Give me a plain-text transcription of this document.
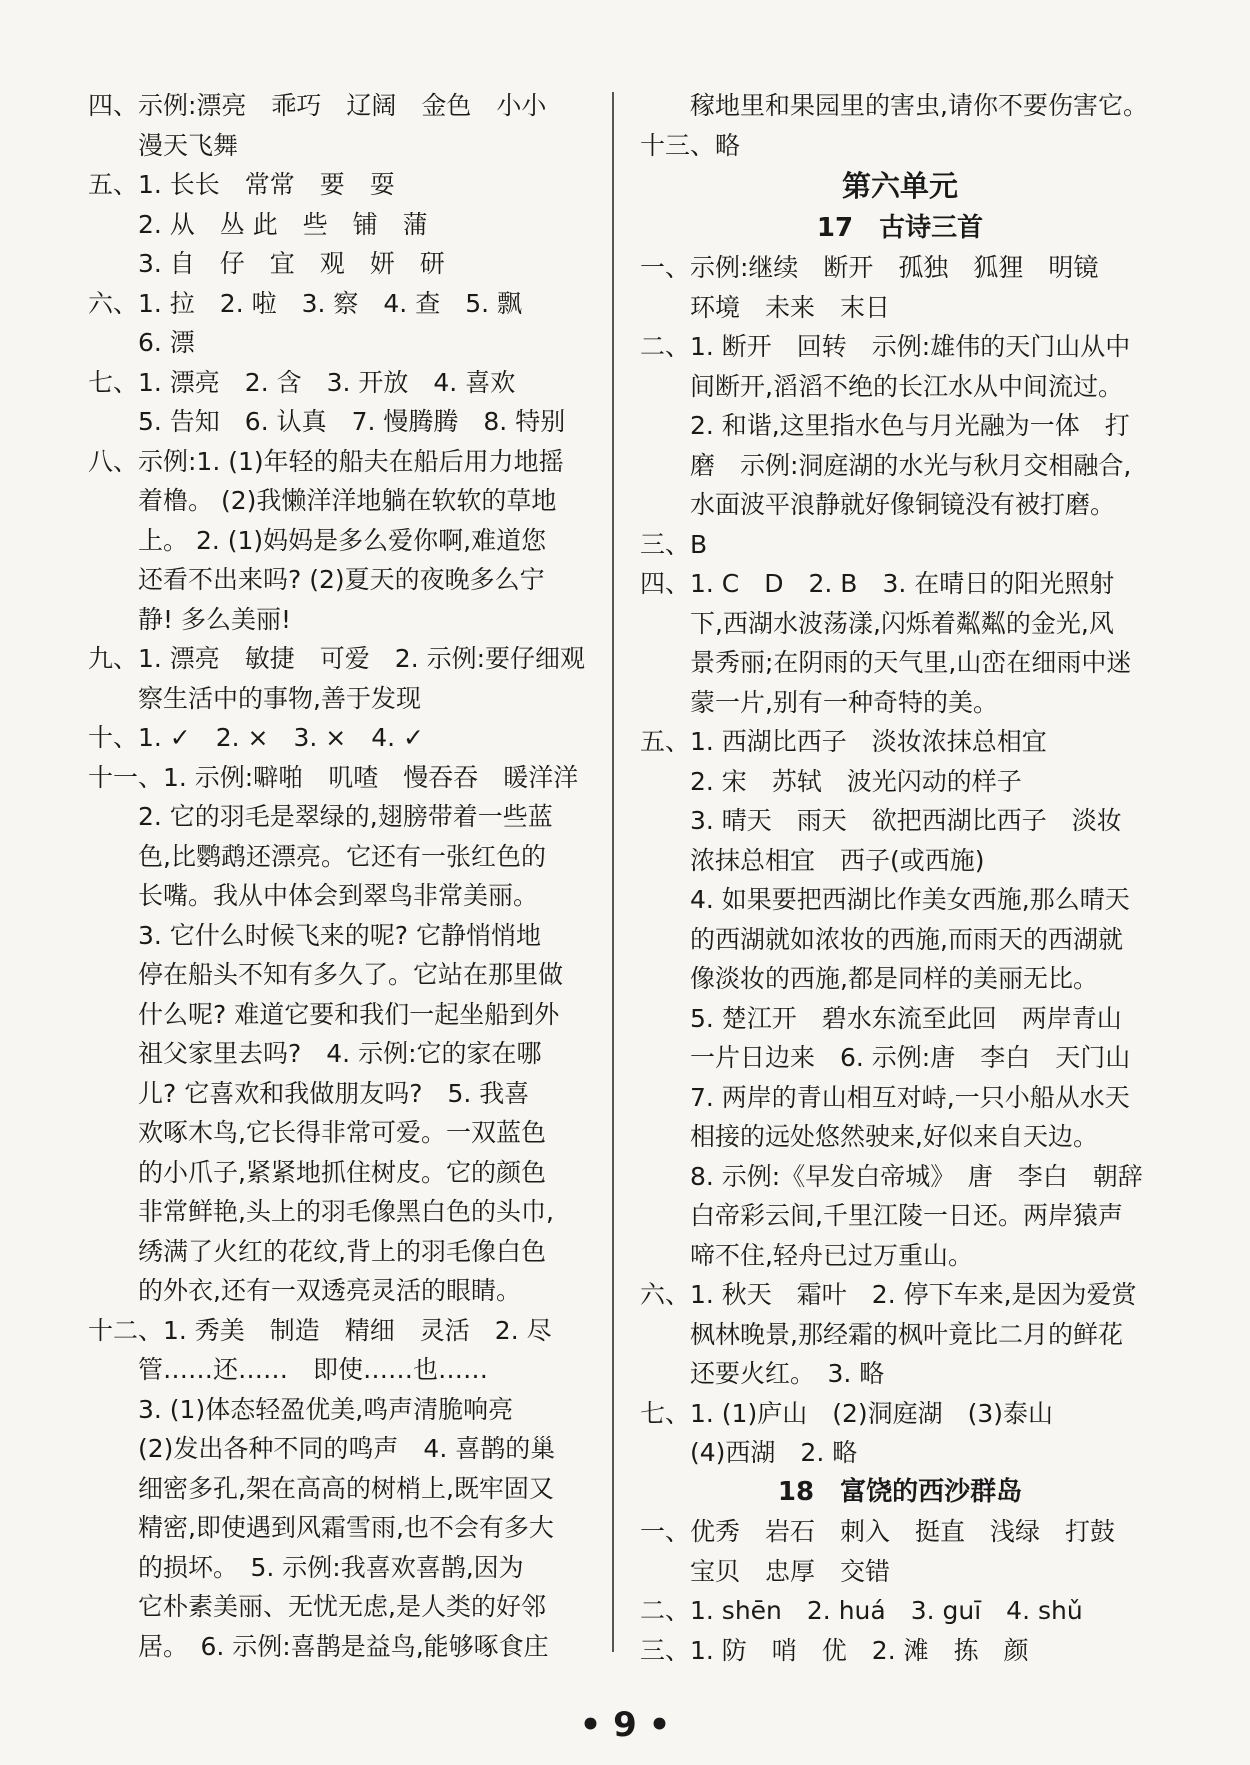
四、示例:漂亮　乖巧　辽阔　金色　小小
漫天飞舞
五、1. 长长　常常　要　耍
2. 从　丛 此　些　铺　蒲
3. 自　仔　宜　观　妍　研
六、1. 拉　2. 啦　3. 察　4. 查　5. 飘
6. 漂
七、1. 漂亮　2. 含　3. 开放　4. 喜欢
5. 告知　6. 认真　7. 慢腾腾　8. 特别
八、示例:1. (1)年轻的船夫在船后用力地摇
着橹。 (2)我懒洋洋地躺在软软的草地
上。 2. (1)妈妈是多么爱你啊,难道您
还看不出来吗? (2)夏天的夜晚多么宁
静! 多么美丽!
九、1. 漂亮　敏捷　可爱　2. 示例:要仔细观
察生活中的事物,善于发现
十、1. ✓　2. ×　3. ×　4. ✓
十一、1. 示例:噼啪　叽喳　慢吞吞　暖洋洋
2. 它的羽毛是翠绿的,翅膀带着一些蓝
色,比鹦鹉还漂亮。它还有一张红色的
长嘴。我从中体会到翠鸟非常美丽。
3. 它什么时候飞来的呢? 它静悄悄地
停在船头不知有多久了。它站在那里做
什么呢? 难道它要和我们一起坐船到外
祖父家里去吗?　4. 示例:它的家在哪
儿? 它喜欢和我做朋友吗?　5. 我喜
欢啄木鸟,它长得非常可爱。一双蓝色
的小爪子,紧紧地抓住树皮。它的颜色
非常鲜艳,头上的羽毛像黑白色的头巾,
绣满了火红的花纹,背上的羽毛像白色
的外衣,还有一双透亮灵活的眼睛。
十二、1. 秀美　制造　精细　灵活　2. 尽
管……还……　即使……也……
3. (1)体态轻盈优美,鸣声清脆响亮
(2)发出各种不同的鸣声　4. 喜鹊的巢
细密多孔,架在高高的树梢上,既牢固又
精密,即使遇到风霜雪雨,也不会有多大
的损坏。　5. 示例:我喜欢喜鹊,因为
它朴素美丽、无忧无虑,是人类的好邻
居。　6. 示例:喜鹊是益鸟,能够啄食庄
稼地里和果园里的害虫,请你不要伤害它。
十三、略
第六单元
17　古诗三首
一、示例:继续　断开　孤独　狐狸　明镜
环境　未来　末日
二、1. 断开　回转　示例:雄伟的天门山从中
间断开,滔滔不绝的长江水从中间流过。
2. 和谐,这里指水色与月光融为一体　打
磨　示例:洞庭湖的水光与秋月交相融合,
水面波平浪静就好像铜镜没有被打磨。
三、B
四、1. C　D　2. B　3. 在晴日的阳光照射
下,西湖水波荡漾,闪烁着粼粼的金光,风
景秀丽;在阴雨的天气里,山峦在细雨中迷
蒙一片,别有一种奇特的美。
五、1. 西湖比西子　淡妆浓抹总相宜
2. 宋　苏轼　波光闪动的样子
3. 晴天　雨天　欲把西湖比西子　淡妆
浓抹总相宜　西子(或西施)
4. 如果要把西湖比作美女西施,那么晴天
的西湖就如浓妆的西施,而雨天的西湖就
像淡妆的西施,都是同样的美丽无比。
5. 楚江开　碧水东流至此回　两岸青山
一片日边来　6. 示例:唐　李白　天门山
7. 两岸的青山相互对峙,一只小船从水天
相接的远处悠然驶来,好似来自天边。
8. 示例:《早发白帝城》　唐　李白　朝辞
白帝彩云间,千里江陵一日还。两岸猿声
啼不住,轻舟已过万重山。
六、1. 秋天　霜叶　2. 停下车来,是因为爱赏
枫林晚景,那经霜的枫叶竟比二月的鲜花
还要火红。　3. 略
七、1. (1)庐山　(2)洞庭湖　(3)泰山
(4)西湖　2. 略
18　富饶的西沙群岛
一、优秀　岩石　刺入　挺直　浅绿　打鼓
宝贝　忠厚　交错
二、1. shēn　2. huá　3. guī　4. shǔ
三、1. 防　哨　优　2. 滩　拣　颜
• 9 •
